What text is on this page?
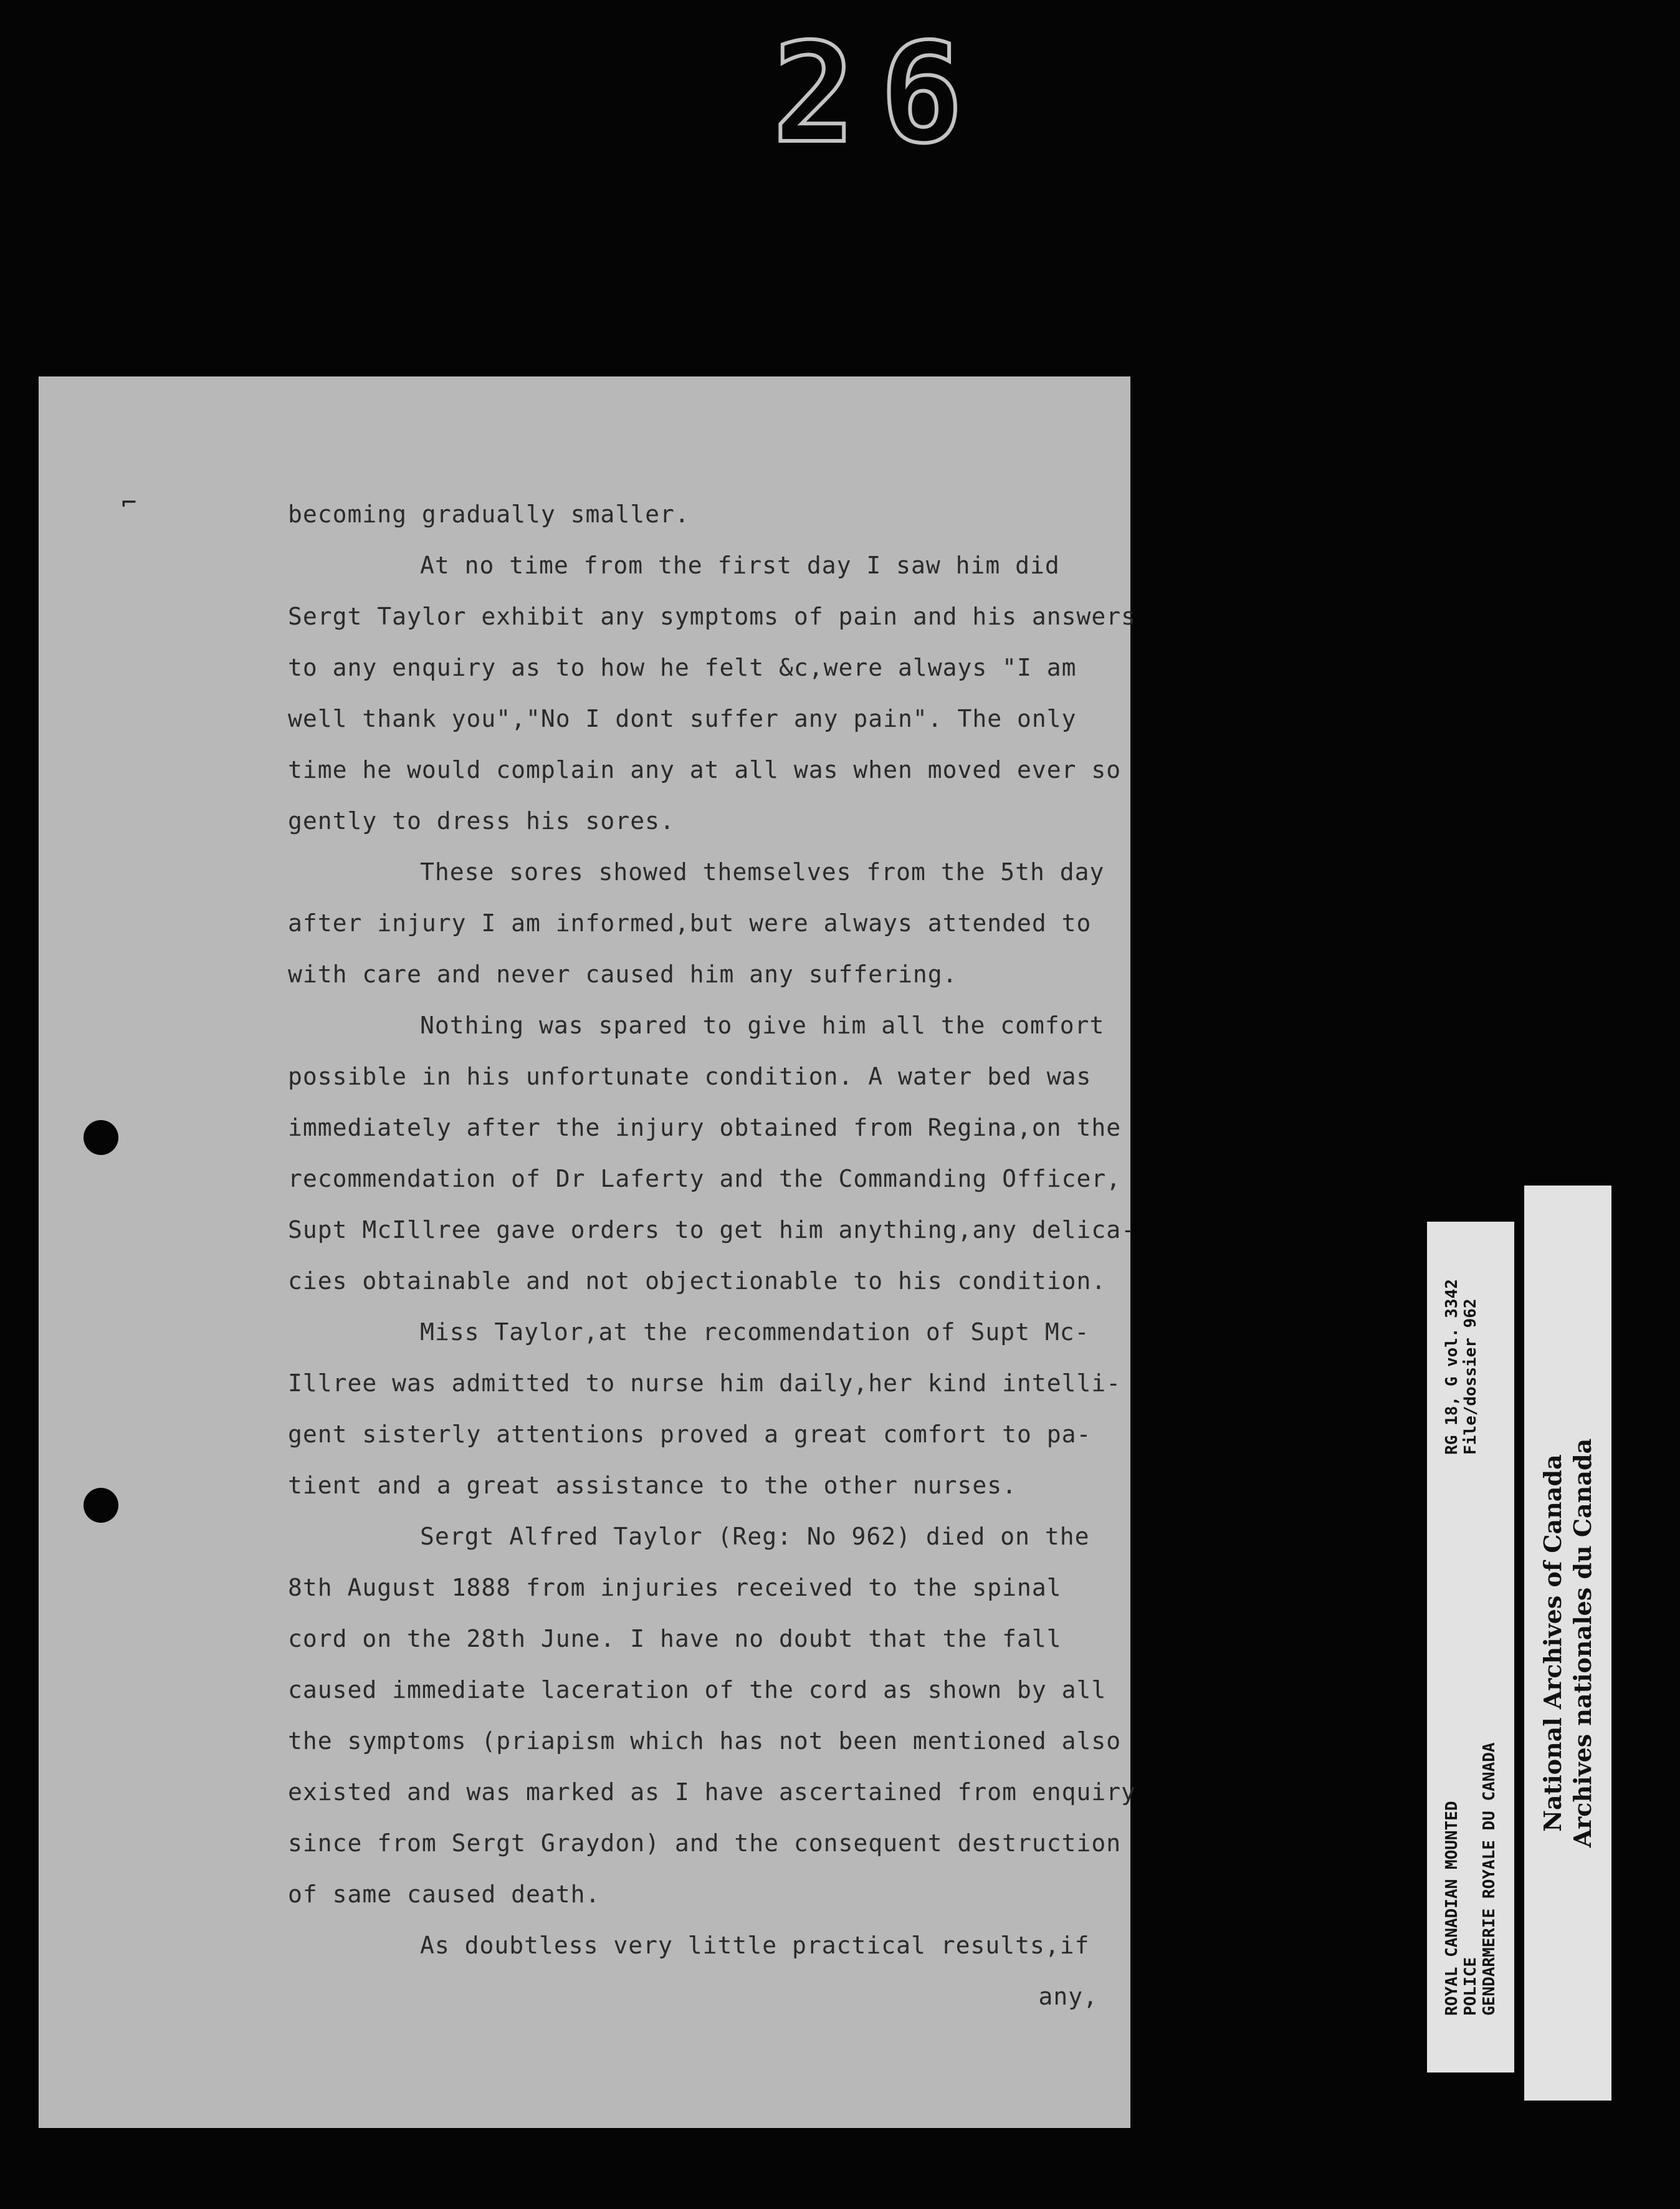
26
⌐	becoming gradually smaller.
At no time from the first day I saw him did
Sergt Taylor exhibit any symptoms of pain and his answers
to any enquiry as to how he felt &c,were always "I am
well thank you","No I dont suffer any pain". The only
time he would complain any at all was when moved ever so
gently to dress his sores.
These sores showed themselves from the 5th day
after injury I am informed,but were always attended to
with care and never caused him any suffering.
Nothing was spared to give him all the comfort
possible in his unfortunate condition. A water bed was
immediately after the injury obtained from Regina,on the
recommendation of Dr Laferty and the Commanding Officer,
Supt McIllree gave orders to get him anything,any delica-
cies obtainable and not objectionable to his condition.
Miss Taylor,at the recommendation of Supt Mc-
Illree was admitted to nurse him daily,her kind intelli-
gent sisterly attentions proved a great comfort to pa-
tient and a great assistance to the other nurses.
Sergt Alfred Taylor (Reg: No 962) died on the
8th August 1888 from injuries received to the spinal
cord on the 28th June. I have no doubt that the fall
caused immediate laceration of the cord as shown by all
the symptoms (priapism which has not been mentioned also
existed and was marked as I have ascertained from enquiry
since from Sergt Graydon) and the consequent destruction
of same caused death.
As doubtless very little practical results,if
any,	ROYAL CANADIAN MOUNTED
RG 18, G vol. 3342
POLICE
File/dossier 962
GENDARMERIE ROYALE DU CANADA
National Archives of Canada Archives nationales du Canada
